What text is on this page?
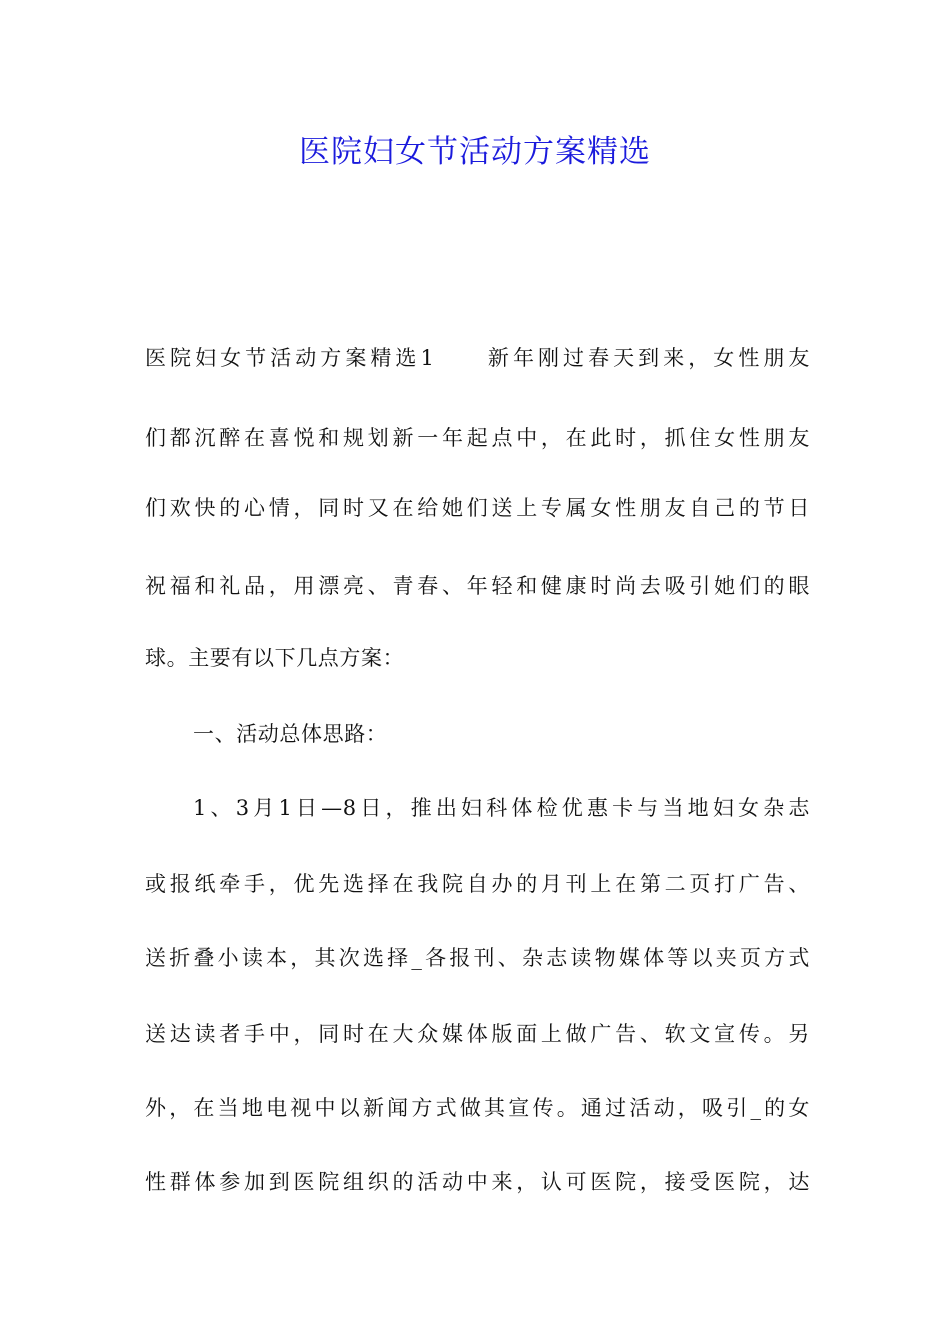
医院妇女节活动方案精选
医院妇女节活动方案精选1　　新年刚过春天到来，女性朋友
们都沉醉在喜悦和规划新一年起点中，在此时，抓住女性朋友
们欢快的心情，同时又在给她们送上专属女性朋友自己的节日
祝福和礼品，用漂亮、青春、年轻和健康时尚去吸引她们的眼
球。主要有以下几点方案：
一、活动总体思路：
1、3月1日—8日，推出妇科体检优惠卡与当地妇女杂志
或报纸牵手，优先选择在我院自办的月刊上在第二页打广告、
送折叠小读本，其次选择_各报刊、杂志读物媒体等以夹页方式
送达读者手中，同时在大众媒体版面上做广告、软文宣传。另
外，在当地电视中以新闻方式做其宣传。通过活动，吸引_的女
性群体参加到医院组织的活动中来，认可医院，接受医院，达
